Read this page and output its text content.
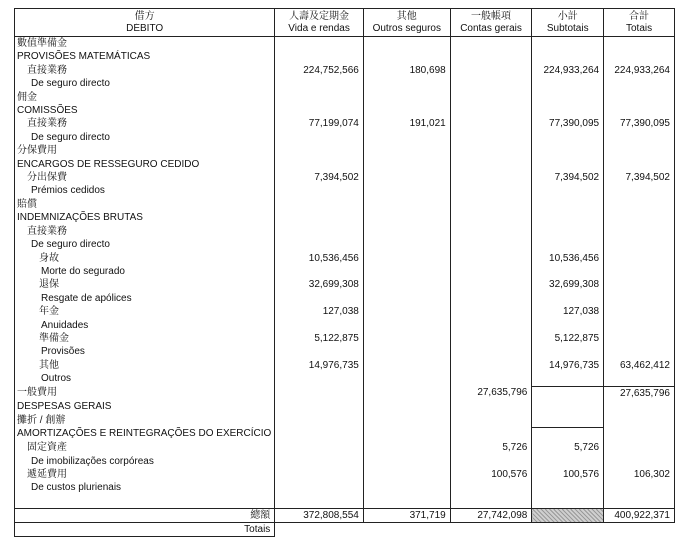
借方	人壽及定期金	其他	一般帳項	小計	合計
DÉBITO	Vida e rendas	Outros seguros	Contas gerais	Subtotais	Totais
數值準備金					
PROVISÕES MATEMÁTICAS					
直接業務	224,752,566	180,698		224,933,264	224,933,264
De seguro directo					
佣金					
COMISSÕES					
直接業務	77,199,074	191,021		77,390,095	77,390,095
De seguro directo					
分保費用					
ENCARGOS DE RESSEGURO CEDIDO					
分出保費	7,394,502			7,394,502	7,394,502
Prémios cedidos					
賠償					
INDEMNIZAÇÕES BRUTAS					
直接業務					
De seguro directo					
身故	10,536,456			10,536,456	
Morte do segurado					
退保	32,699,308			32,699,308	
Resgate de apólices					
年金	127,038			127,038	
Anuidades					
準備金	5,122,875			5,122,875	
Provisões					
其他	14,976,735			14,976,735	63,462,412
Outros					
一般費用			27,635,796		27,635,796
DESPESAS GERAIS					
攤折 / 創辦					
AMORTIZAÇÕES E REINTEGRAÇÕES DO EXERCÍCIO					
固定資產			5,726	5,726	
De imobilizações corpóreas					
遞延費用			100,576	100,576	106,302
De custos plurienais					

總額	372,808,554	371,719	27,742,098		400,922,371
Totais					
